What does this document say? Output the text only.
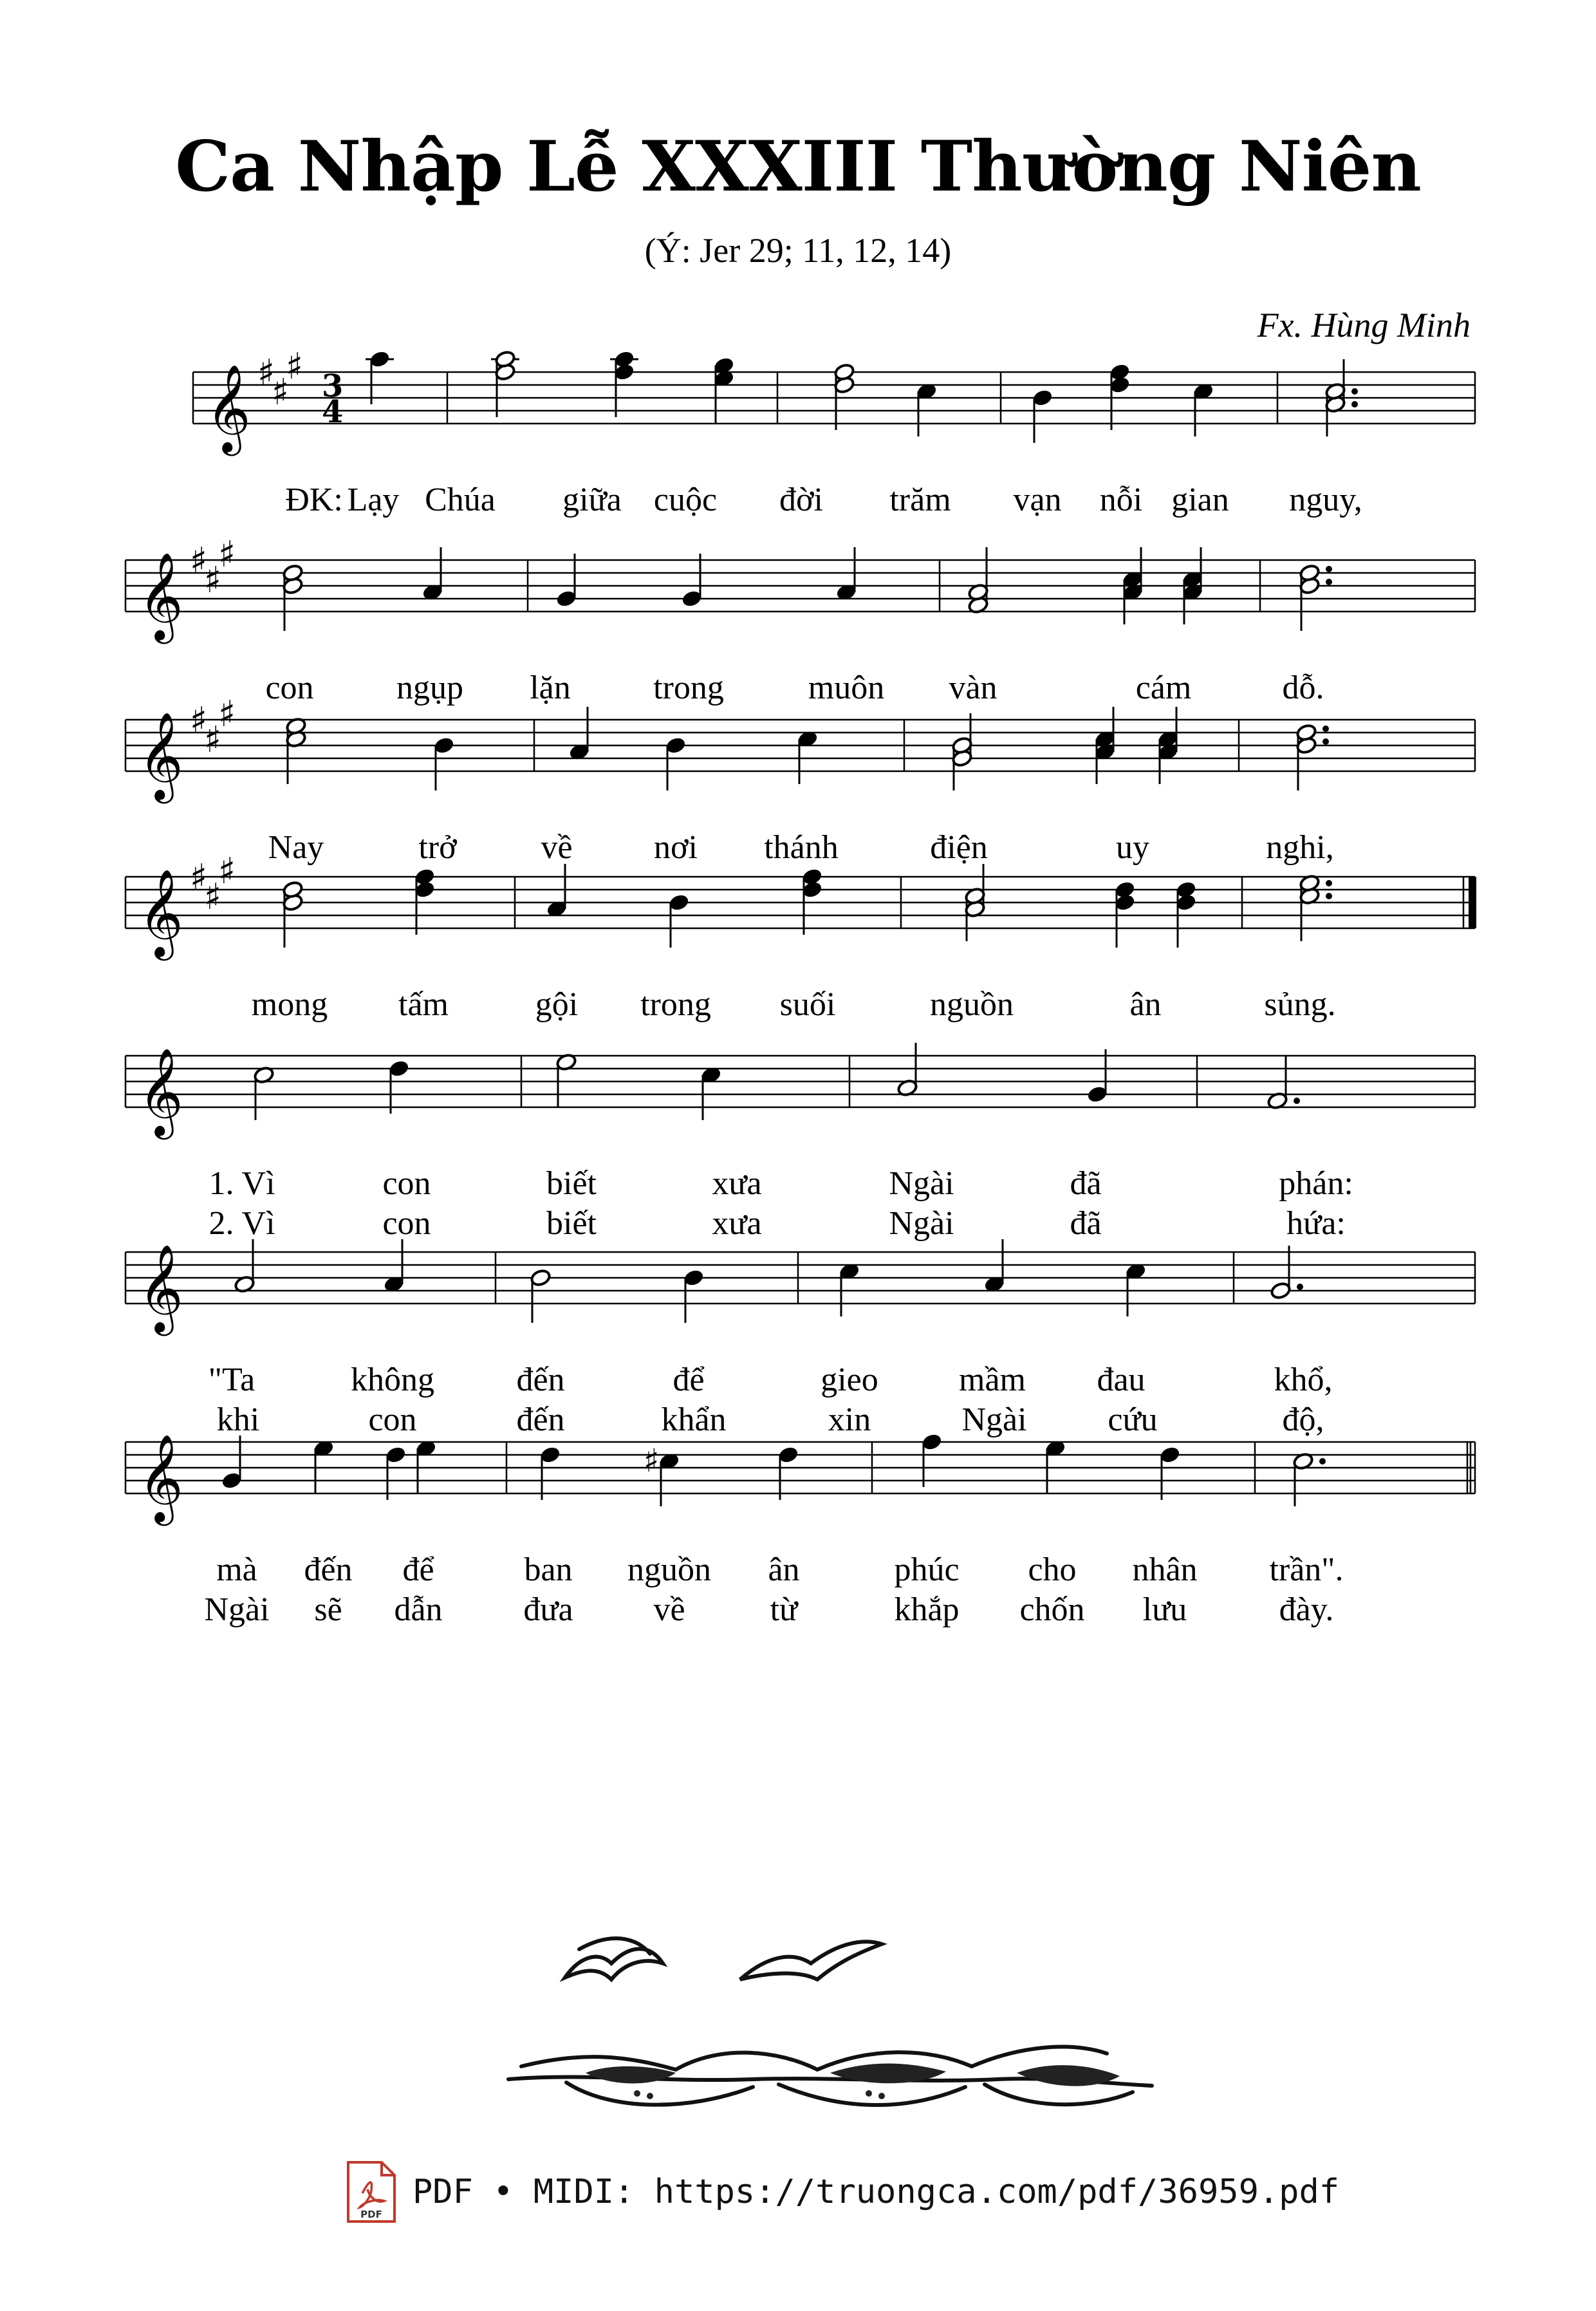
Ca Nhập Lễ XXXIII Thường Niên
(Ý: Jer 29; 11, 12, 14)
Fx. Hùng Minh
𝄞 ♯
♯
♯ 3
4
ĐK: Lạy Chúa giữa cuộc đời trăm vạn nỗi gian nguy,
𝄞 ♯
♯
♯
con ngụp lặn trong	muôn vàn	cám	dỗ.
𝄞 ♯
♯
♯
Nay	trở	về nơi thánh	điện	uy	nghi,
𝄞 ♯
♯
♯
mong tấm	gội trong suối	nguồn	ân	sủng.
𝄞
1. Vì	con	biết	xưa	Ngài	đã	phán:
2. Vì	con	biết	xưa	Ngài	đã	hứa:
𝄞
"Ta	không đến	để	gieo mầm đau	khổ,
khi	con	đến	khẩn	xin	Ngài cứu	độ,
𝄞	♯
mà đến để	ban nguồn ân	phúc cho nhân trần".
Ngài sẽ dẫn đưa về	từ	khắp chốn lưu	đày.
PDF
PDF • MIDI: https://truongca.com/pdf/36959.pdf
